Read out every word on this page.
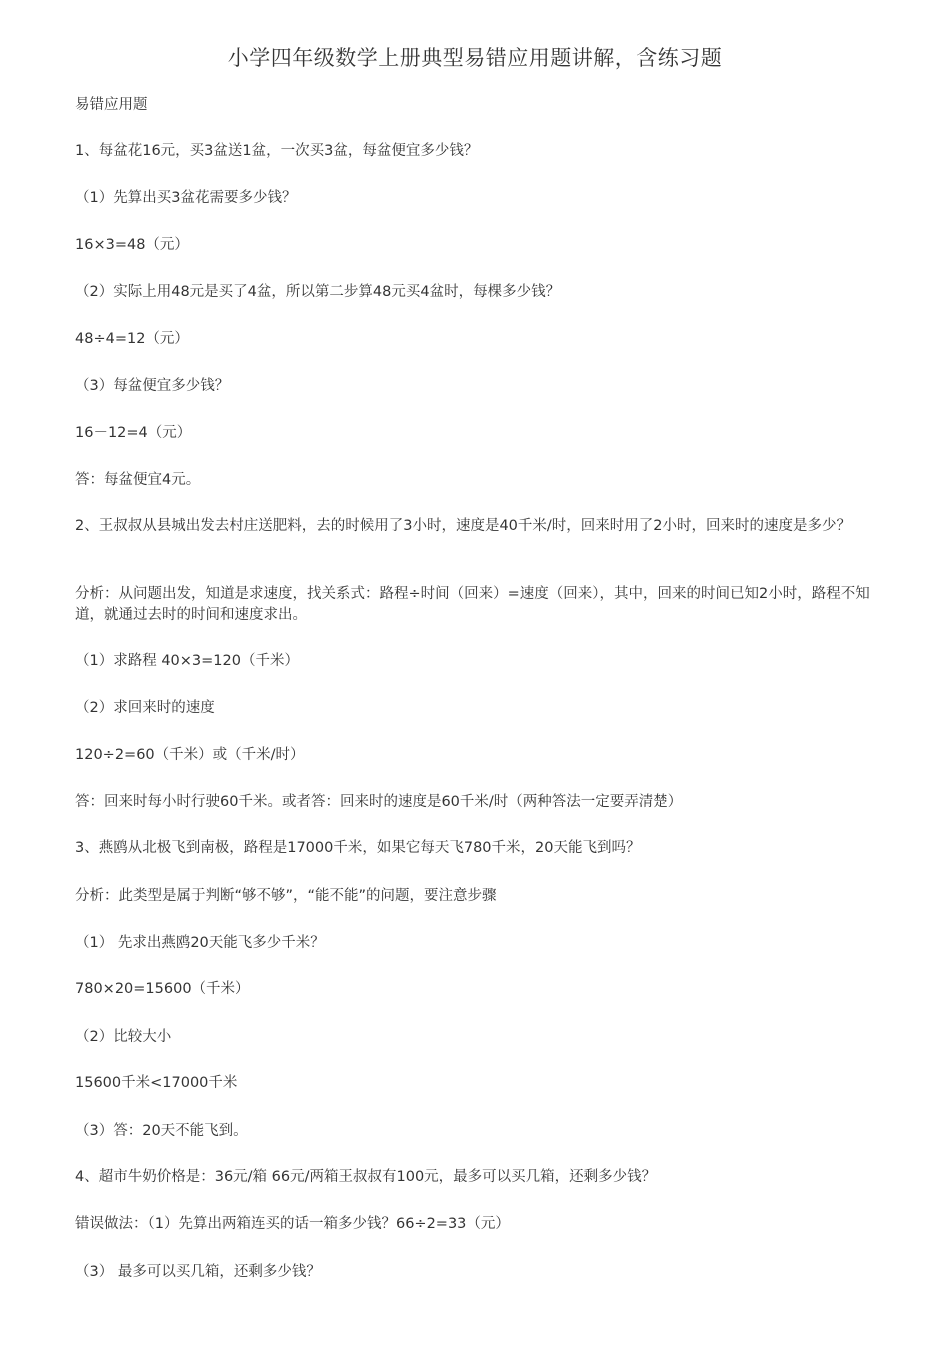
小学四年级数学上册典型易错应用题讲解，含练习题
易错应用题
1、每盆花16元，买3盆送1盆，一次买3盆，每盆便宜多少钱？
（1）先算出买3盆花需要多少钱？
16×3=48（元）
（2）实际上用48元是买了4盆，所以第二步算48元买4盆时，每棵多少钱？
48÷4=12（元）
（3）每盆便宜多少钱？
16－12=4（元）
答：每盆便宜4元。
2、王叔叔从县城出发去村庄送肥料，去的时候用了3小时，速度是40千米/时，回来时用了2小时，回来时的速度是多少？
分析：从问题出发，知道是求速度，找关系式：路程÷时间（回来）=速度（回来），其中，回来的时间已知2小时，路程不知道，就通过去时的时间和速度求出。
（1）求路程 40×3=120（千米）
（2）求回来时的速度
120÷2=60（千米）或（千米/时）
答：回来时每小时行驶60千米。或者答：回来时的速度是60千米/时（两种答法一定要弄清楚）
3、燕鸥从北极飞到南极，路程是17000千米，如果它每天飞780千米，20天能飞到吗？
分析：此类型是属于判断“够不够”，“能不能”的问题，要注意步骤
（1） 先求出燕鸥20天能飞多少千米？
780×20=15600（千米）
（2）比较大小
15600千米<17000千米
（3）答：20天不能飞到。
4、超市牛奶价格是：36元/箱 66元/两箱王叔叔有100元，最多可以买几箱，还剩多少钱？
错误做法：（1）先算出两箱连买的话一箱多少钱？66÷2=33（元）
（3） 最多可以买几箱，还剩多少钱？
